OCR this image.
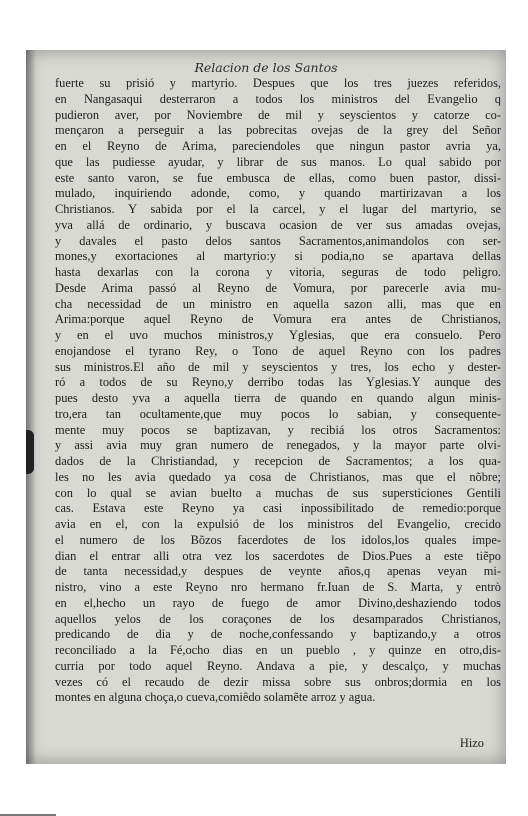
Relacion de los Santos
fuerte su prisió y martyrio. Despues que los tres juezes referidos,
en Nangasaqui desterraron a todos los ministros del Evangelio q
pudieron aver, por Noviembre de mil y seyscientos y catorze co-
mençaron a perseguir a las pobrecitas ovejas de la grey del Señor
en el Reyno de Arima, pareciendoles que ningun pastor avria ya,
que las pudiesse ayudar, y librar de sus manos. Lo qual sabido por
este santo varon, se fue embusca de ellas, como buen pastor, dissi-
mulado, inquiriendo adonde, como, y quando martirizavan a los
Christianos. Y sabida por el la carcel, y el lugar del martyrio, se
yva allá de ordinario, y buscava ocasion de ver sus amadas ovejas,
y davales el pasto delos santos Sacramentos,animandolos con ser-
mones,y exortaciones al martyrio:y si podia,no se apartava dellas
hasta dexarlas con la corona y vitoria, seguras de todo peligro.
Desde Arima passó al Reyno de Vomura, por parecerle avia mu-
cha necessidad de un ministro en aquella sazon alli, mas que en
Arima:porque aquel Reyno de Vomura era antes de Christianos,
y en el uvo muchos ministros,y Yglesias, que era consuelo. Pero
enojandose el tyrano Rey, o Tono de aquel Reyno con los padres
sus ministros.El año de mil y seyscientos y tres, los echo y dester-
ró a todos de su Reyno,y derribo todas las Yglesias.Y aunque des
pues desto yva a aquella tierra de quando en quando algun minis-
tro,era tan ocultamente,que muy pocos lo sabian, y consequente-
mente muy pocos se baptizavan, y recibiá los otros Sacramentos:
y assi avia muy gran numero de renegados, y la mayor parte olvi-
dados de la Christiandad, y recepcion de Sacramentos; a los qua-
les no les avia quedado ya cosa de Christianos, mas que el nõbre;
con lo qual se avian buelto a muchas de sus supersticiones Gentili
cas. Estava este Reyno ya casi inpossibilitado de remedio:porque
avia en el, con la expulsió de los ministros del Evangelio, crecido
el numero de los Bõzos facerdotes de los idolos,los quales impe-
dian el entrar alli otra vez los sacerdotes de Dios.Pues a este tiẽpo
de tanta necessidad,y despues de veynte años,q apenas veyan mi-
nistro, vino a este Reyno nro hermano fr.Iuan de S. Marta, y entrò
en el,hecho un rayo de fuego de amor Divino,deshaziendo todos
aquellos yelos de los coraçones de los desamparados Christianos,
predicando de dia y de noche,confessando y baptizando,y a otros
reconciliado a la Fé,ocho dias en un pueblo , y quinze en otro,dis-
curria por todo aquel Reyno. Andava a pie, y descalço, y muchas
vezes có el recaudo de dezir missa sobre sus onbros;dormia en los
montes en alguna choça,o cueva,comiêdo solamẽte arroz y agua.
Hizo
